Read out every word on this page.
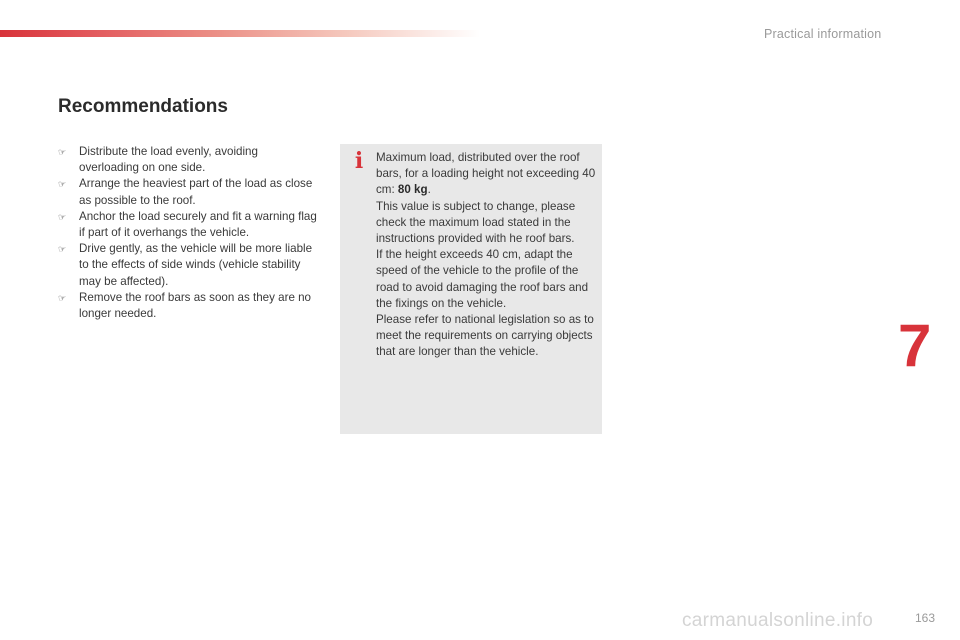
Practical information
Recommendations
☞ Distribute the load evenly, avoiding overloading on one side.
☞ Arrange the heaviest part of the load as close as possible to the roof.
☞ Anchor the load securely and fit a warning flag if part of it overhangs the vehicle.
☞ Drive gently, as the vehicle will be more liable to the effects of side winds (vehicle stability may be affected).
☞ Remove the roof bars as soon as they are no longer needed.
i Maximum load, distributed over the roof bars, for a loading height not exceeding 40 cm: 80 kg.

This value is subject to change, please check the maximum load stated in the instructions provided with he roof bars.

If the height exceeds 40 cm, adapt the speed of the vehicle to the profile of the road to avoid damaging the roof bars and the fixings on the vehicle.

Please refer to national legislation so as to meet the requirements on carrying objects that are longer than the vehicle.	7
carmanualsonline.info	163
